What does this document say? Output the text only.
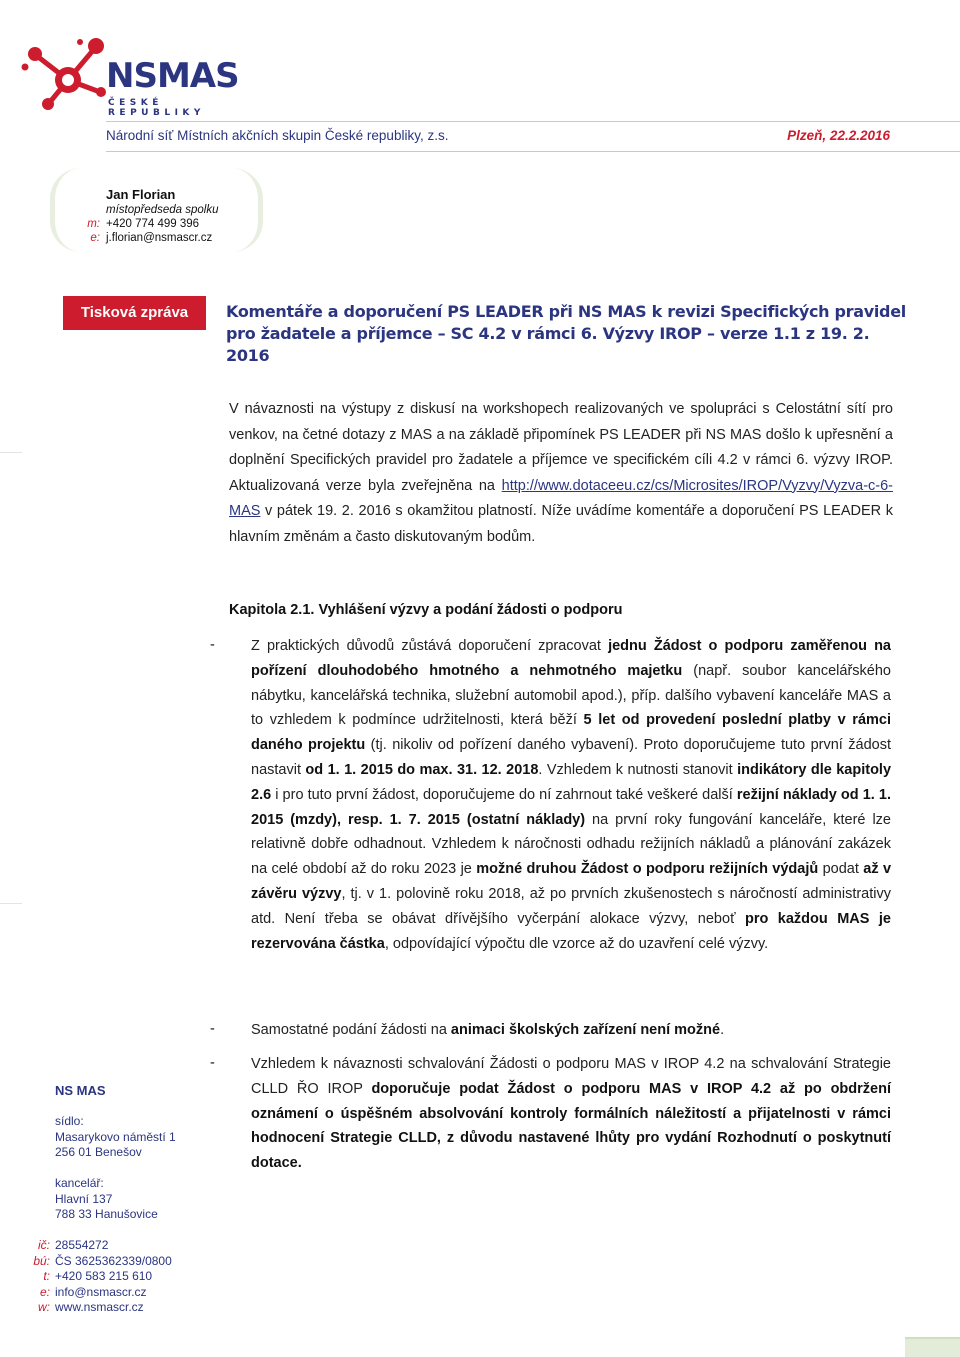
NSMAS
ČESKÉ REPUBLIKY
Národní síť Místních akčních skupin České republiky, z.s.	Plzeň, 22.2.2016
Jan Florian
místopředseda spolku
m: +420 774 499 396
e: j.florian@nsmascr.cz
Tisková zpráva	Komentáře a doporučení PS LEADER při NS MAS k revizi Specifických pravidel pro žadatele a příjemce – SC 4.2 v rámci 6. Výzvy IROP – verze 1.1 z 19. 2. 2016
V návaznosti na výstupy z diskusí na workshopech realizovaných ve spolupráci s Celostátní sítí pro venkov, na četné dotazy z MAS a na základě připomínek PS LEADER při NS MAS došlo k upřesnění a doplnění Specifických pravidel pro žadatele a příjemce ve specifickém cíli 4.2 v rámci 6. výzvy IROP. Aktualizovaná verze byla zveřejněna na http://www.dotaceeu.cz/cs/Microsites/IROP/Vyzvy/Vyzva-c-6-MAS v pátek 19. 2. 2016 s okamžitou platností. Níže uvádíme komentáře a doporučení PS LEADER k hlavním změnám a často diskutovaným bodům.
Kapitola 2.1. Vyhlášení výzvy a podání žádosti o podporu
- Z praktických důvodů zůstává doporučení zpracovat jednu Žádost o podporu zaměřenou na pořízení dlouhodobého hmotného a nehmotného majetku (např. soubor kancelářského nábytku, kancelářská technika, služební automobil apod.), příp. dalšího vybavení kanceláře MAS a to vzhledem k podmínce udržitelnosti, která běží 5 let od provedení poslední platby v rámci daného projektu (tj. nikoliv od pořízení daného vybavení). Proto doporučujeme tuto první žádost nastavit od 1. 1. 2015 do max. 31. 12. 2018. Vzhledem k nutnosti stanovit indikátory dle kapitoly 2.6 i pro tuto první žádost, doporučujeme do ní zahrnout také veškeré další režijní náklady od 1. 1. 2015 (mzdy), resp. 1. 7. 2015 (ostatní náklady) na první roky fungování kanceláře, které lze relativně dobře odhadnout. Vzhledem k náročnosti odhadu režijních nákladů a plánování zakázek na celé období až do roku 2023 je možné druhou Žádost o podporu režijních výdajů podat až v závěru výzvy, tj. v 1. polovině roku 2018, až po prvních zkušenostech s náročností administrativy atd. Není třeba se obávat dřívějšího vyčerpání alokace výzvy, neboť pro každou MAS je rezervována částka, odpovídající výpočtu dle vzorce až do uzavření celé výzvy.
- Samostatné podání žádosti na animaci školských zařízení není možné.
- Vzhledem k návaznosti schvalování Žádosti o podporu MAS v IROP 4.2 na schvalování Strategie CLLD ŘO IROP doporučuje podat Žádost o podporu MAS v IROP 4.2 až po obdržení oznámení o úspěšném absolvování kontroly formálních náležitostí a přijatelnosti v rámci hodnocení Strategie CLLD, z důvodu nastavené lhůty pro vydání Rozhodnutí o poskytnutí dotace.
NS MAS
sídlo:
Masarykovo náměstí 1
256 01 Benešov
kancelář:
Hlavní 137
788 33 Hanušovice
ič: 28554272
bú: ČS 3625362339/0800
t: +420 583 215 610
e: info@nsmascr.cz
w: www.nsmascr.cz
